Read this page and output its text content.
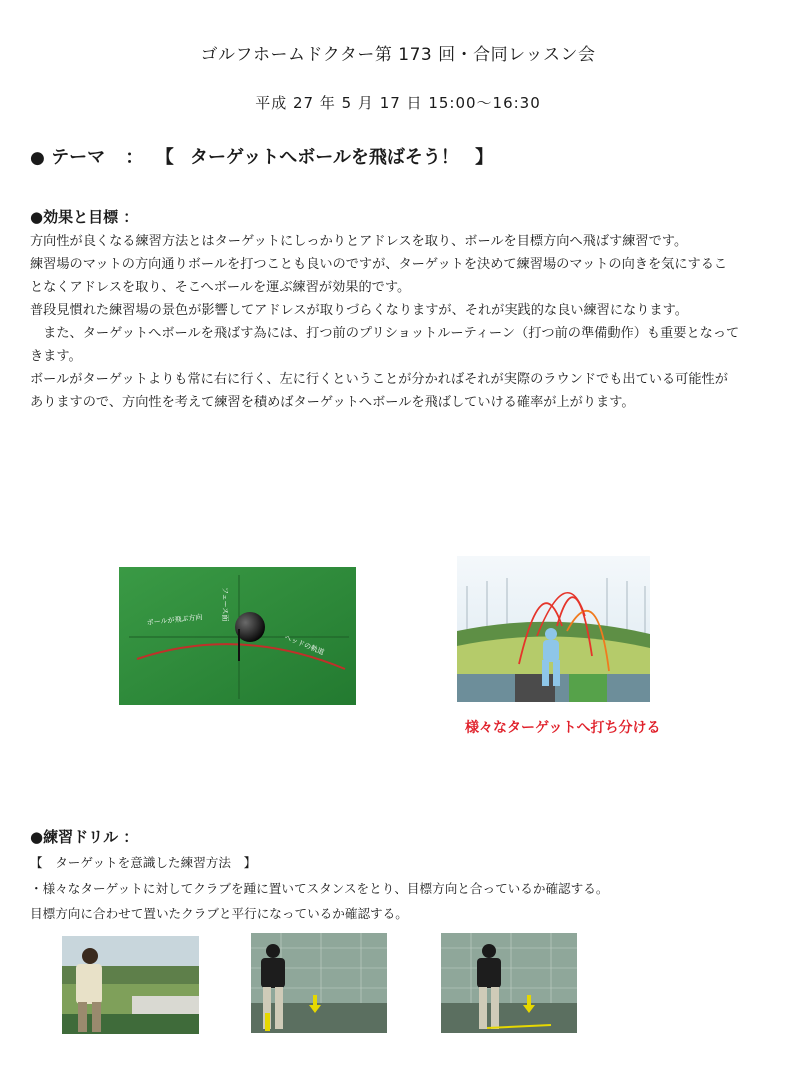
ゴルフホームドクター第 173 回・合同レッスン会
平成 27 年 5 月 17 日 15:00〜16:30
● テーマ ： 【 ターゲットへボールを飛ばそう！ 】
●効果と目標 ：

方向性が良くなる練習方法とはターゲットにしっかりとアドレスを取り、ボールを目標方向へ飛ばす練習です。

練習場のマットの方向通りボールを打つことも良いのですが、ターゲットを決めて練習場のマットの向きを気にするこ

となくアドレスを取り、そこへボールを運ぶ練習が効果的です。

普段見慣れた練習場の景色が影響してアドレスが取りづらくなりますが、それが実践的な良い練習になります。

　また、ターゲットへボールを飛ばす為には、打つ前のプリショットルーティーン（打つ前の準備動作）も重要となって

きます。

ボールがターゲットよりも常に右に行く、左に行くということが分かればそれが実際のラウンドでも出ている可能性が

ありますので、方向性を考えて練習を積めばターゲットへボールを飛ばしていける確率が上がります。

ボールが飛ぶ方向	フェース面
ヘッドの軌道
様々なターゲットへ打ち分ける
●練習ドリル ：
【　ターゲットを意識した練習方法　】
・様々なターゲットに対してクラブを踵に置いてスタンスをとり、目標方向と合っているか確認する。
目標方向に合わせて置いたクラブと平行になっているか確認する。
